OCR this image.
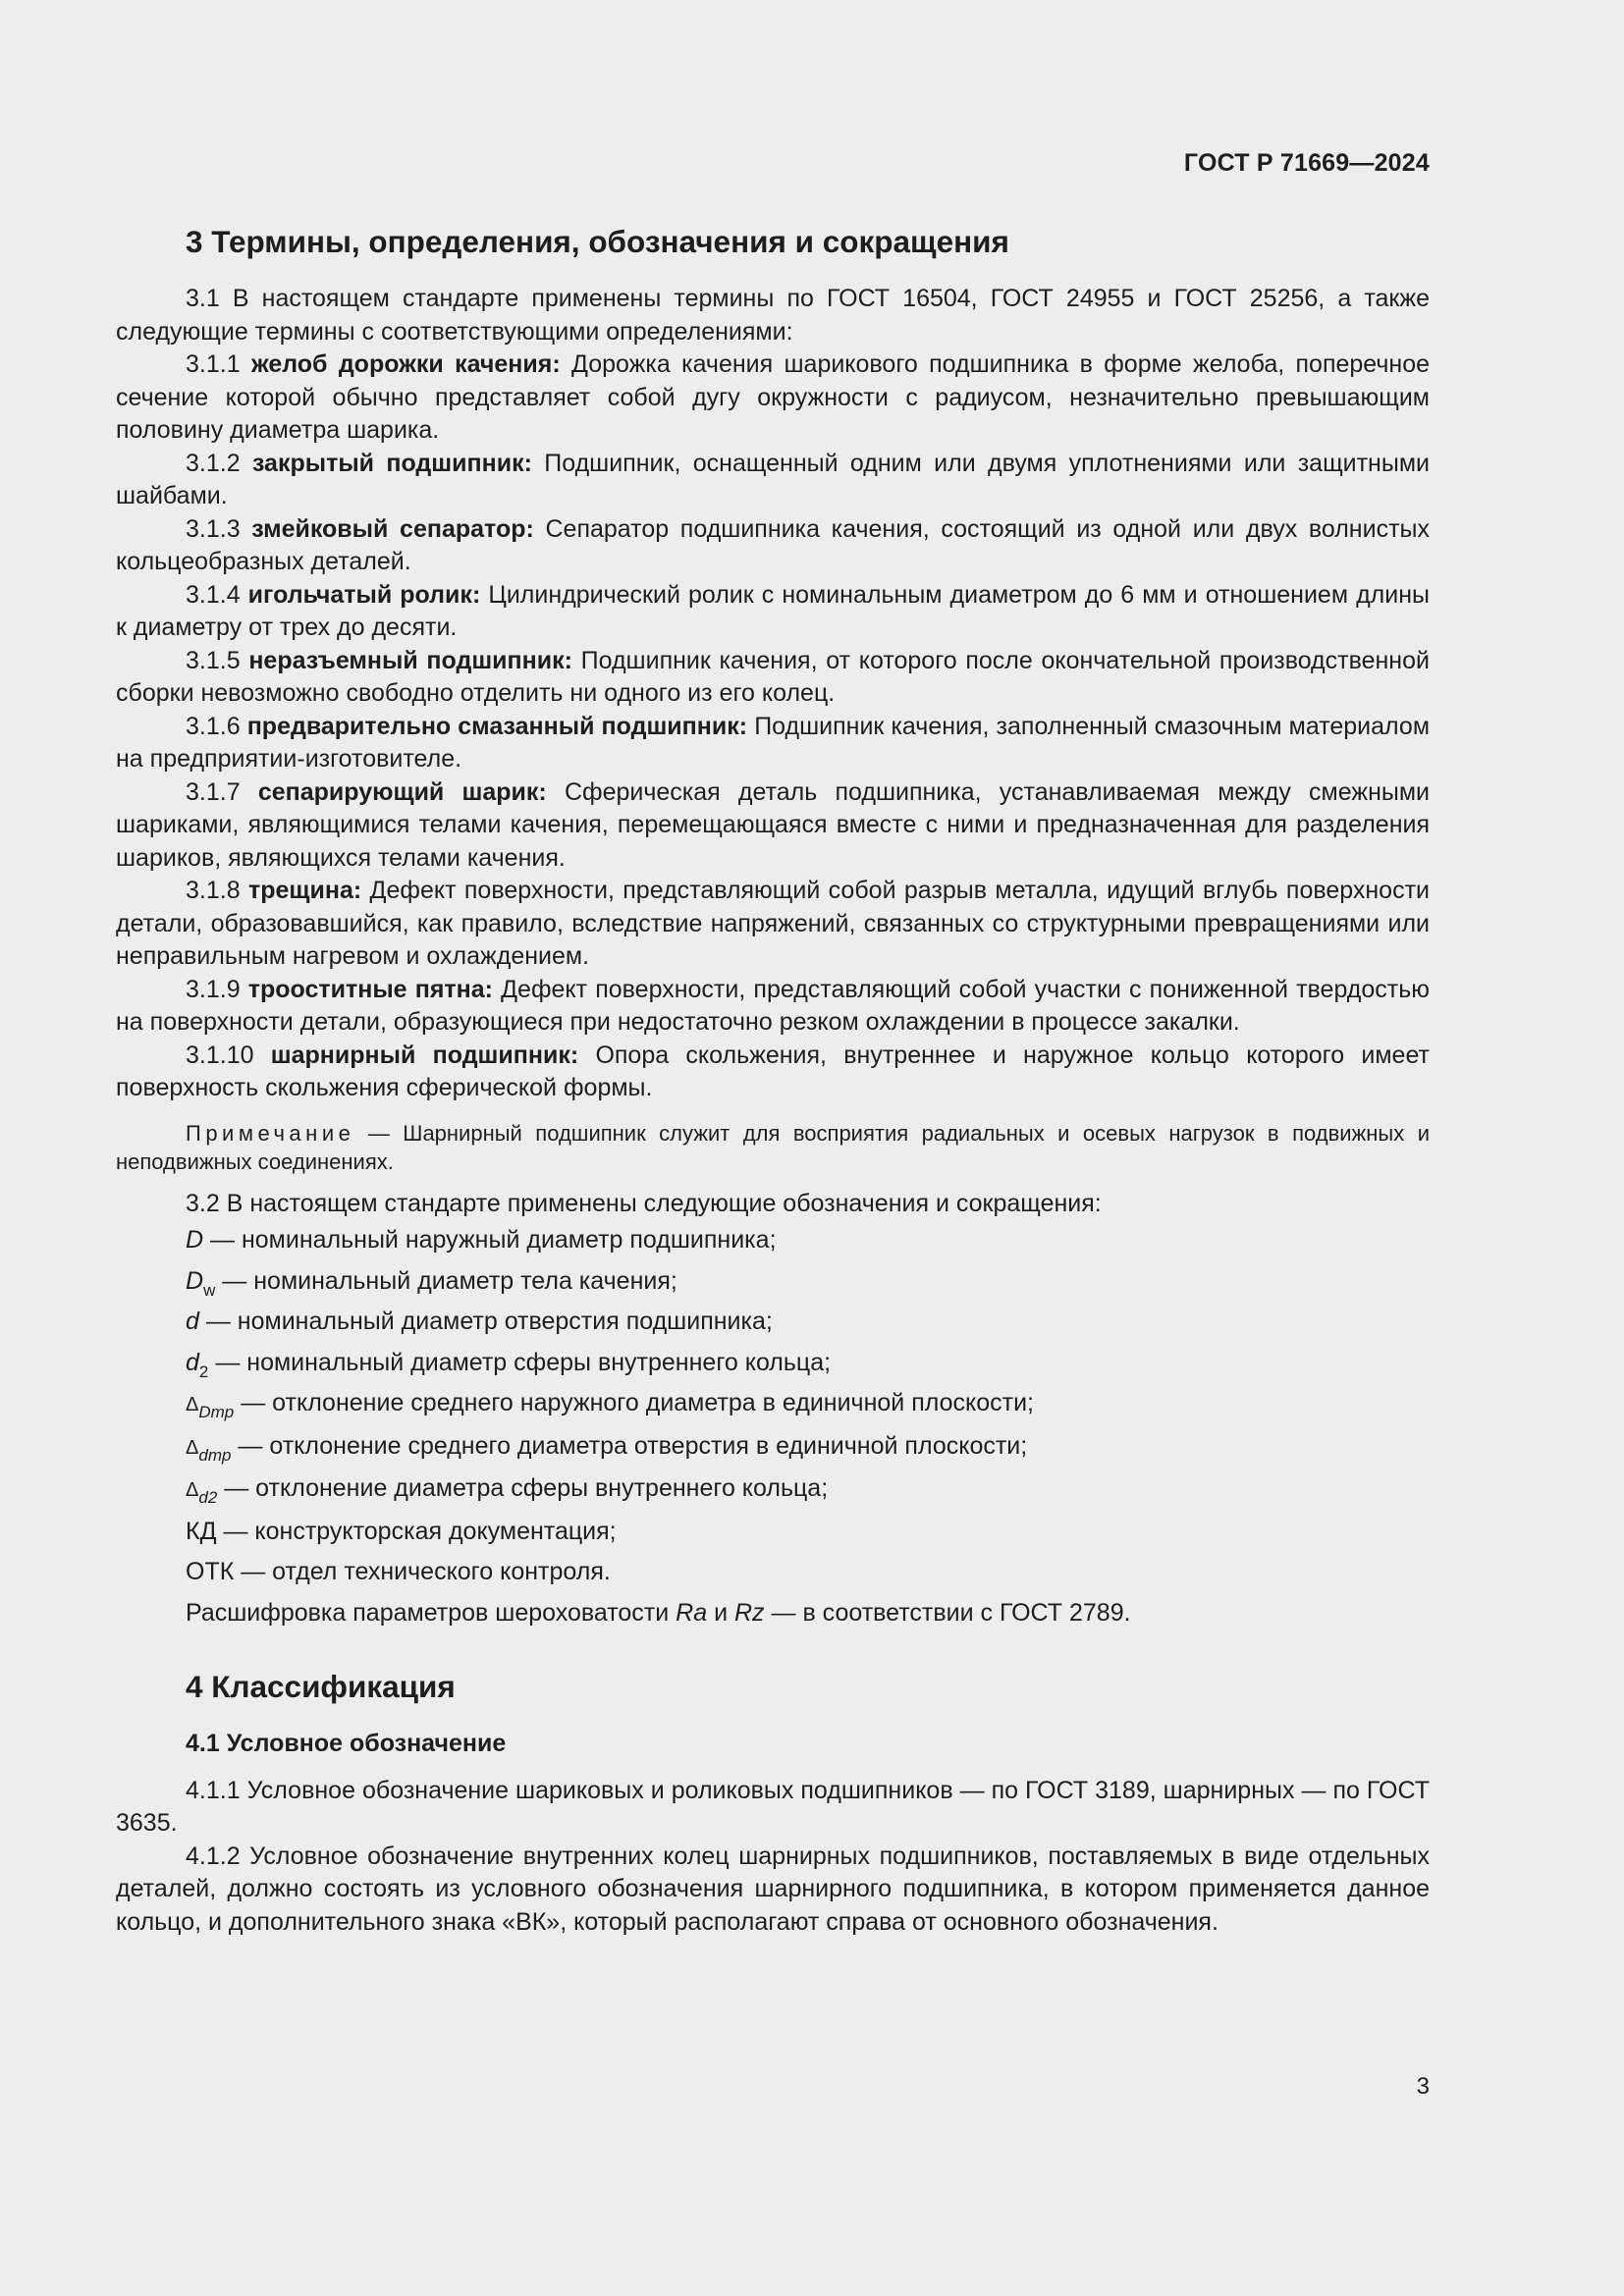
ГОСТ Р 71669—2024
3 Термины, определения, обозначения и сокращения

3.1 В настоящем стандарте применены термины по ГОСТ 16504, ГОСТ 24955 и ГОСТ 25256, а также следующие термины с соответствующими определениями:

3.1.1 желоб дорожки качения: Дорожка качения шарикового подшипника в форме желоба, поперечное сечение которой обычно представляет собой дугу окружности с радиусом, незначительно превышающим половину диаметра шарика.

3.1.2 закрытый подшипник: Подшипник, оснащенный одним или двумя уплотнениями или защитными шайбами.

3.1.3 змейковый сепаратор: Сепаратор подшипника качения, состоящий из одной или двух волнистых кольцеобразных деталей.

3.1.4 игольчатый ролик: Цилиндрический ролик с номинальным диаметром до 6 мм и отношением длины к диаметру от трех до десяти.

3.1.5 неразъемный подшипник: Подшипник качения, от которого после окончательной производственной сборки невозможно свободно отделить ни одного из его колец.

3.1.6 предварительно смазанный подшипник: Подшипник качения, заполненный смазочным материалом на предприятии-изготовителе.

3.1.7 сепарирующий шарик: Сферическая деталь подшипника, устанавливаемая между смежными шариками, являющимися телами качения, перемещающаяся вместе с ними и предназначенная для разделения шариков, являющихся телами качения.

3.1.8 трещина: Дефект поверхности, представляющий собой разрыв металла, идущий вглубь поверхности детали, образовавшийся, как правило, вследствие напряжений, связанных со структурными превращениями или неправильным нагревом и охлаждением.

3.1.9 трооститные пятна: Дефект поверхности, представляющий собой участки с пониженной твердостью на поверхности детали, образующиеся при недостаточно резком охлаждении в процессе закалки.

3.1.10 шарнирный подшипник: Опора скольжения, внутреннее и наружное кольцо которого имеет поверхность скольжения сферической формы.

Примечание — Шарнирный подшипник служит для восприятия радиальных и осевых нагрузок в подвижных и неподвижных соединениях.

3.2 В настоящем стандарте применены следующие обозначения и сокращения:

D — номинальный наружный диаметр подшипника;

$D_w$ — номинальный диаметр тела качения;

d — номинальный диаметр отверстия подшипника;

$d_2$ — номинальный диаметр сферы внутреннего кольца;

$\Delta_{Dmp}$ — отклонение среднего наружного диаметра в единичной плоскости;

$\Delta_{dmp}$ — отклонение среднего диаметра отверстия в единичной плоскости;

$\Delta_{d2}$ — отклонение диаметра сферы внутреннего кольца;

КД — конструкторская документация;

ОТК — отдел технического контроля.

Расшифровка параметров шероховатости Ra и Rz — в соответствии с ГОСТ 2789.

4 Классификация
4.1 Условное обозначение

4.1.1 Условное обозначение шариковых и роликовых подшипников — по ГОСТ 3189, шарнирных — по ГОСТ 3635.

4.1.2 Условное обозначение внутренних колец шарнирных подшипников, поставляемых в виде отдельных деталей, должно состоять из условного обозначения шарнирного подшипника, в котором применяется данное кольцо, и дополнительного знака «ВК», который располагают справа от основного обозначения.

3
